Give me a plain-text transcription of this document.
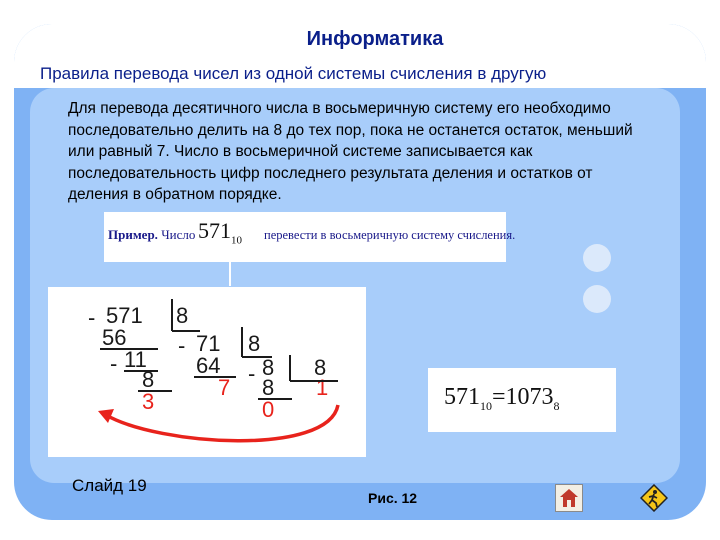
Информатика
Правила перевода чисел из одной системы счисления в другую
Для перевода десятичного числа в восьмеричную систему его необходимо последовательно делить на 8 до тех пор, пока не останется остаток, меньший или равный 7. Число в восьмеричной системе записывается как последовательность цифр последнего результата деления и остатков от деления в обратном порядке.
Пример. Число $571_{10}$ перевести в восьмеричную систему счисления.
- 571 8
56 - 71 8
- 11 64 - 8 8
8	8
3
7
0
1	$571_{10}=1073_8$
Слайд 19
Рис. 12
